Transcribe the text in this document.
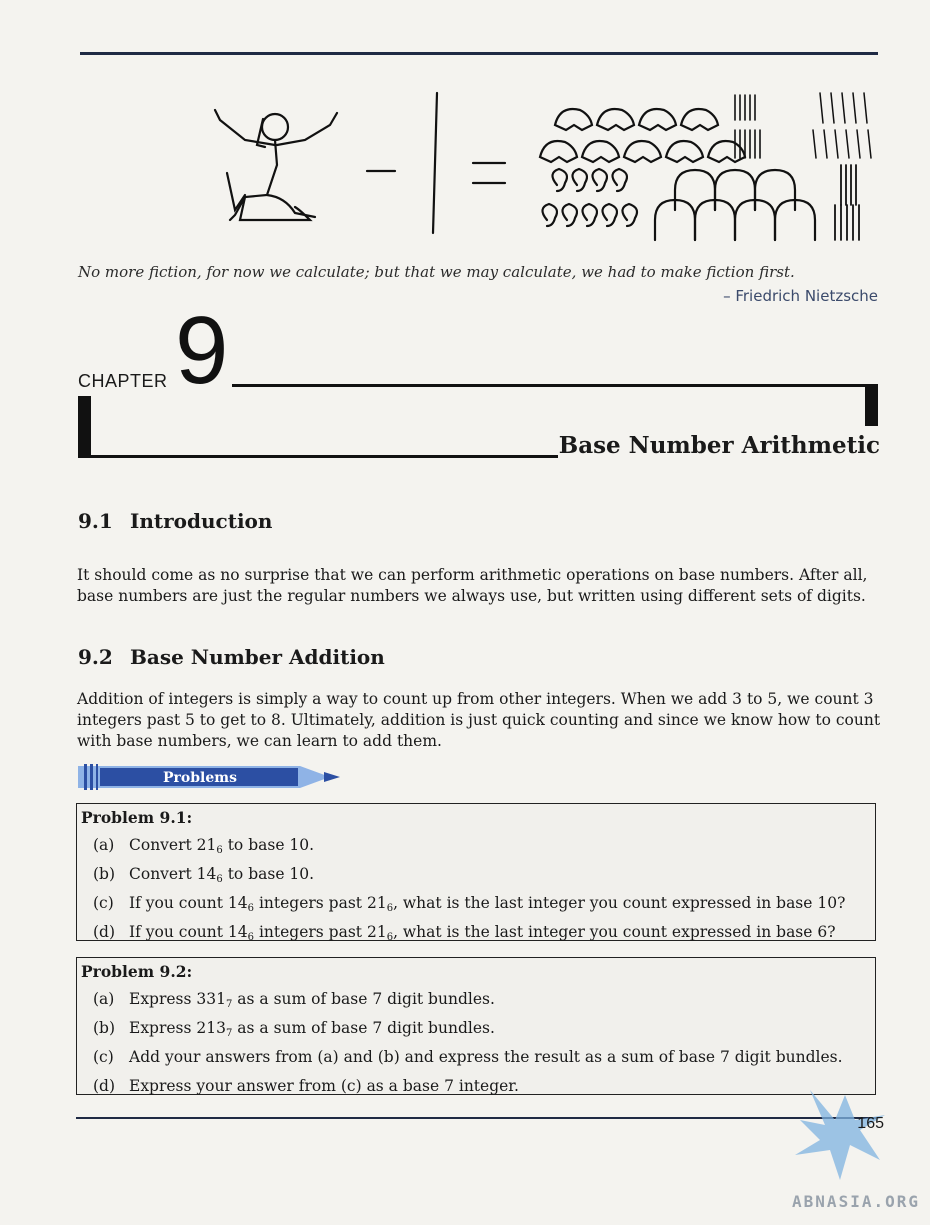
No more fiction, for now we calculate; but that we may calculate, we had to make fiction first.
– Friedrich Nietzsche
CHAPTER 9
Base Number Arithmetic
9.1 Introduction
It should come as no surprise that we can perform arithmetic operations on base numbers. After all, base numbers are just the regular numbers we always use, but written using different sets of digits.
9.2 Base Number Addition
Addition of integers is simply a way to count up from other integers. When we add 3 to 5, we count 3 integers past 5 to get to 8. Ultimately, addition is just quick counting and since we know how to count with base numbers, we can learn to add them.
Problems
Problem 9.1:
(a) Convert $21_6$ to base 10.
(b) Convert $14_6$ to base 10.
(c) If you count $14_6$ integers past $21_6$, what is the last integer you count expressed in base 10?
(d) If you count $14_6$ integers past $21_6$, what is the last integer you count expressed in base 6?
Problem 9.2:
(a) Express $331_7$ as a sum of base 7 digit bundles.
(b) Express $213_7$ as a sum of base 7 digit bundles.
(c) Add your answers from (a) and (b) and express the result as a sum of base 7 digit bundles.
(d) Express your answer from (c) as a base 7 integer.
165
ABNASIA.ORG
